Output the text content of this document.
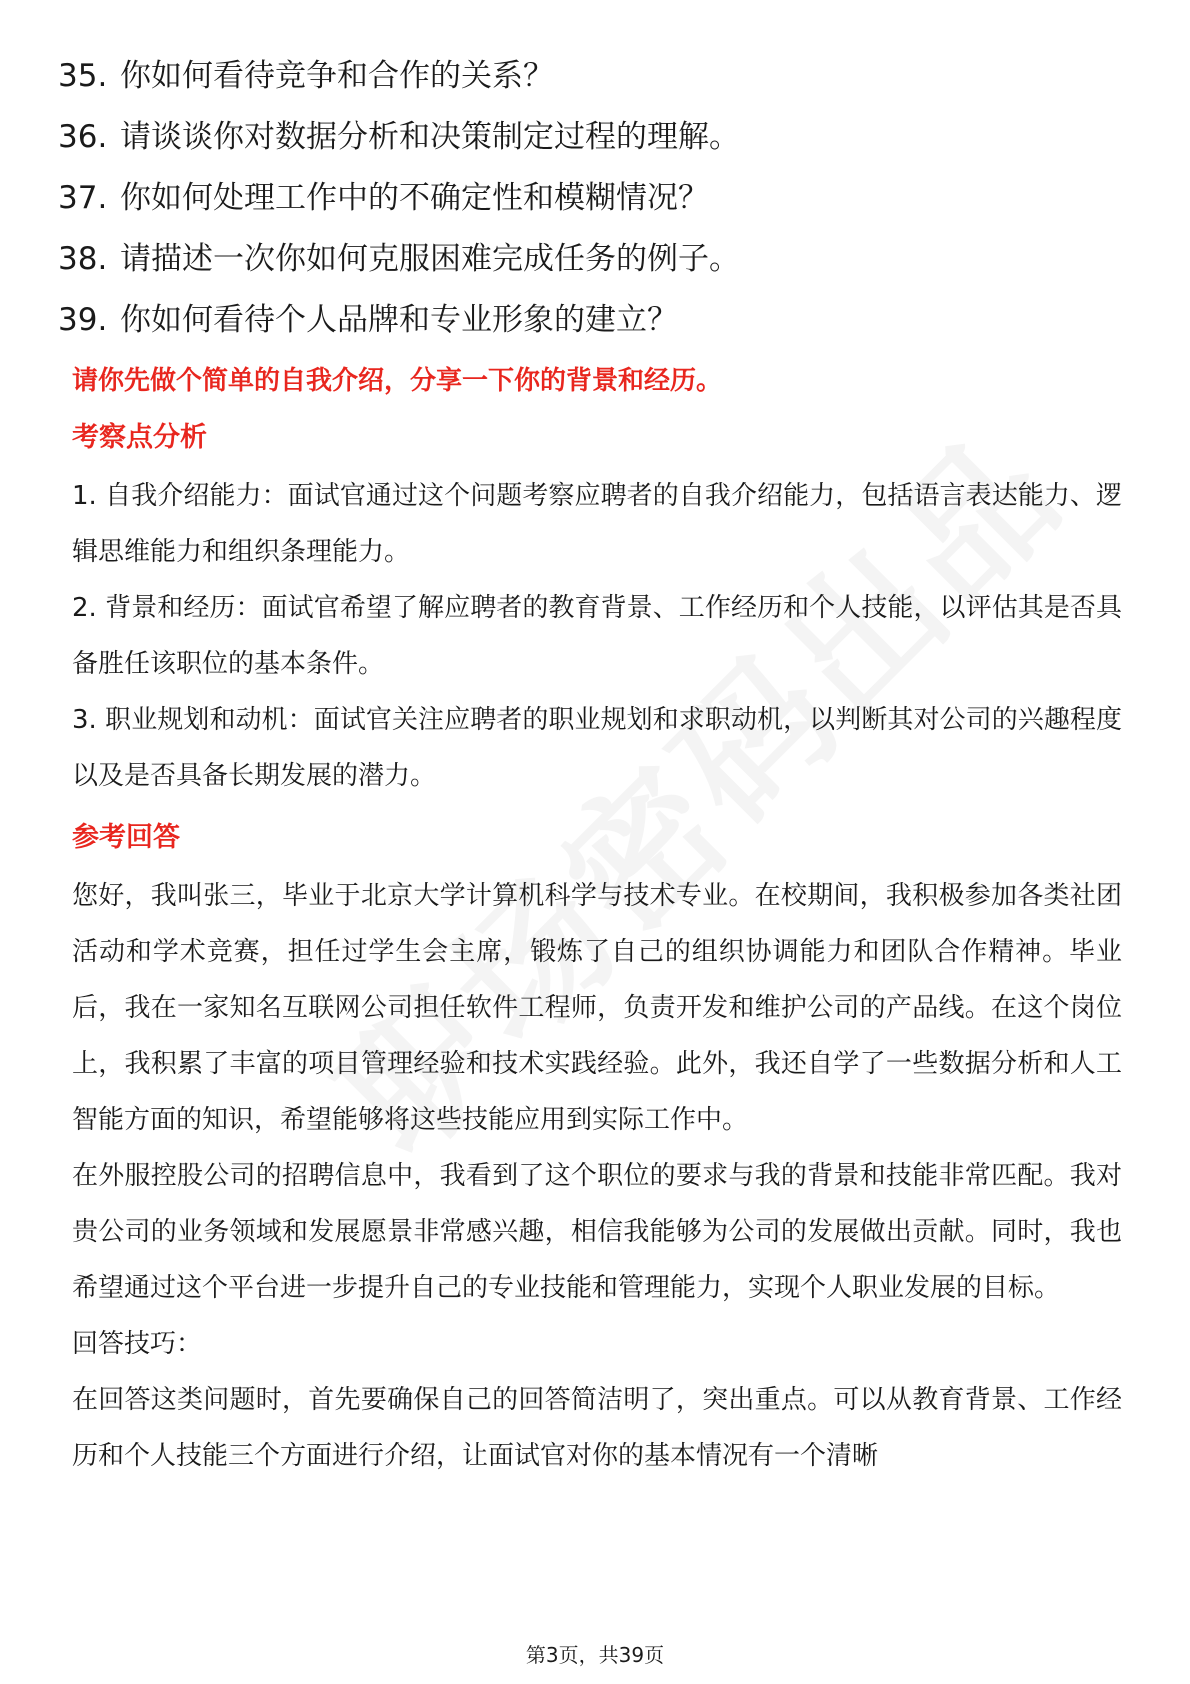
35. 你如何看待竞争和合作的关系？
36. 请谈谈你对数据分析和决策制定过程的理解。
37. 你如何处理工作中的不确定性和模糊情况？
38. 请描述一次你如何克服困难完成任务的例子。
39. 你如何看待个人品牌和专业形象的建立？

请你先做个简单的自我介绍，分享一下你的背景和经历。

考察点分析

1. 自我介绍能力：面试官通过这个问题考察应聘者的自我介绍能力，包括语言表达能力、逻辑思维能力和组织条理能力。

2. 背景和经历：面试官希望了解应聘者的教育背景、工作经历和个人技能，以评估其是否具备胜任该职位的基本条件。

3. 职业规划和动机：面试官关注应聘者的职业规划和求职动机，以判断其对公司的兴趣程度以及是否具备长期发展的潜力。

参考回答

您好，我叫张三，毕业于北京大学计算机科学与技术专业。在校期间，我积极参加各类社团活动和学术竞赛，担任过学生会主席，锻炼了自己的组织协调能力和团队合作精神。毕业后，我在一家知名互联网公司担任软件工程师，负责开发和维护公司的产品线。在这个岗位上，我积累了丰富的项目管理经验和技术实践经验。此外，我还自学了一些数据分析和人工智能方面的知识，希望能够将这些技能应用到实际工作中。

在外服控股公司的招聘信息中，我看到了这个职位的要求与我的背景和技能非常匹配。我对贵公司的业务领域和发展愿景非常感兴趣，相信我能够为公司的发展做出贡献。同时，我也希望通过这个平台进一步提升自己的专业技能和管理能力，实现个人职业发展的目标。

回答技巧：

在回答这类问题时，首先要确保自己的回答简洁明了，突出重点。可以从教育背景、工作经历和个人技能三个方面进行介绍，让面试官对你的基本情况有一个清晰

第3页，共39页
